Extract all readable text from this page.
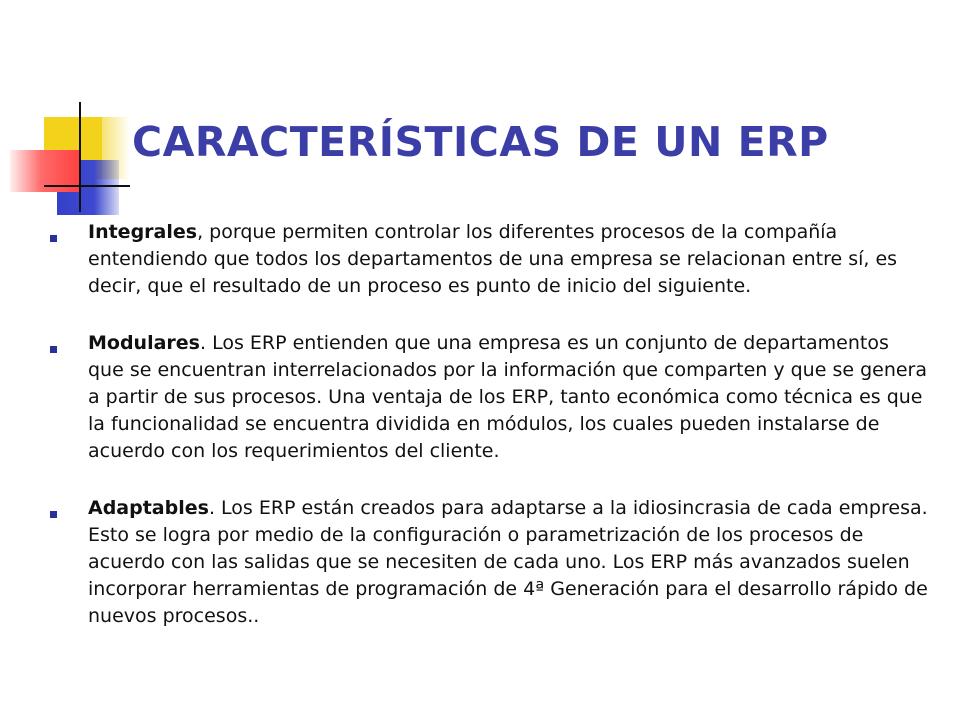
CARACTERÍSTICAS DE UN ERP

Integrales, porque permiten controlar los diferentes procesos de la compañía entendiendo que todos los departamentos de una empresa se relacionan entre sí, es decir, que el resultado de un proceso es punto de inicio del siguiente.

Modulares. Los ERP entienden que una empresa es un conjunto de departamentos que se encuentran interrelacionados por la información que comparten y que se genera a partir de sus procesos. Una ventaja de los ERP, tanto económica como técnica es que la funcionalidad se encuentra dividida en módulos, los cuales pueden instalarse de acuerdo con los requerimientos del cliente.

Adaptables. Los ERP están creados para adaptarse a la idiosincrasia de cada empresa. Esto se logra por medio de la configuración o parametrización de los procesos de acuerdo con las salidas que se necesiten de cada uno. Los ERP más avanzados suelen incorporar herramientas de programación de 4ª Generación para el desarrollo rápido de nuevos procesos..
